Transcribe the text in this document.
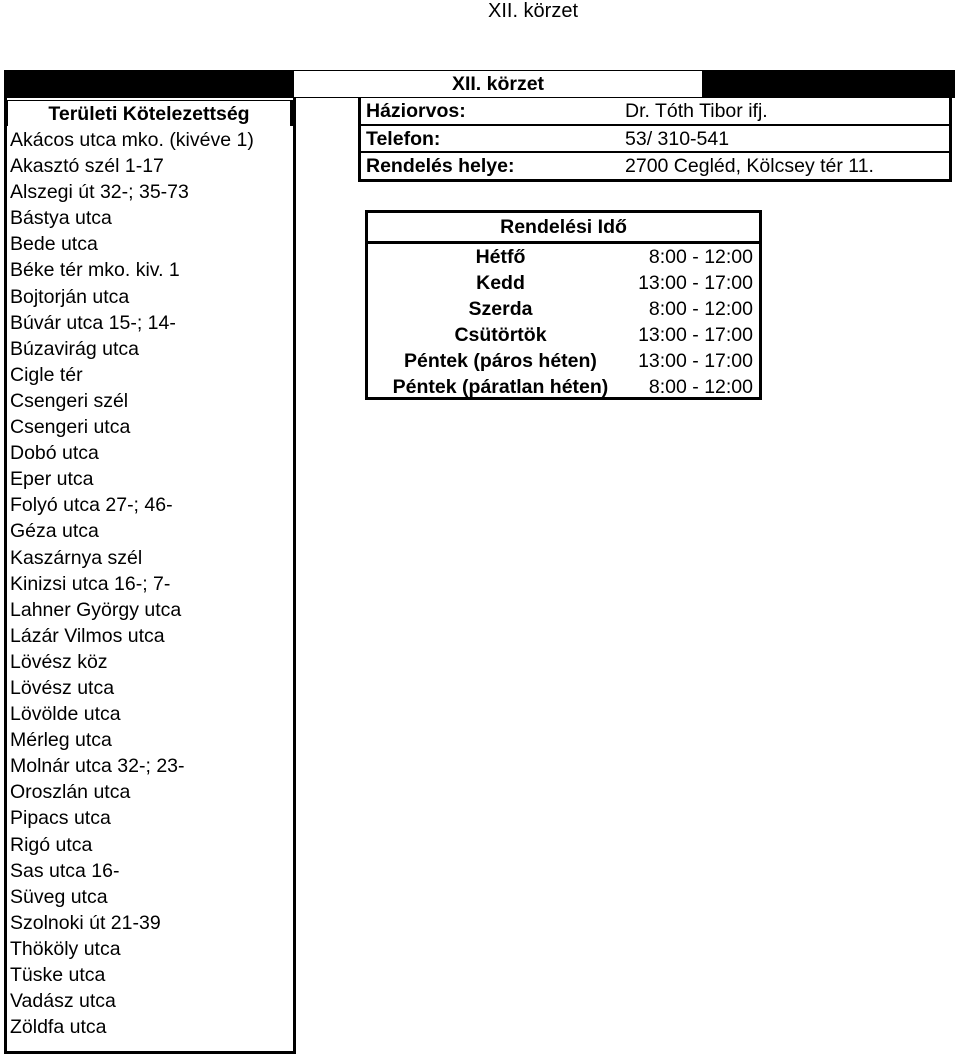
XII. körzet
XII. körzet
Területi Kötelezettség
Akácos utca mko. (kivéve 1)
Akasztó szél 1-17
Alszegi út 32-; 35-73
Bástya utca
Bede utca
Béke tér mko. kiv. 1
Bojtorján utca
Búvár utca 15-; 14-
Búzavirág utca
Cigle tér
Csengeri szél
Csengeri utca
Dobó utca
Eper utca
Folyó utca 27-; 46-
Géza utca
Kaszárnya szél
Kinizsi utca 16-; 7-
Lahner György utca
Lázár Vilmos utca
Lövész köz
Lövész utca
Lövölde utca
Mérleg utca
Molnár utca 32-; 23-
Oroszlán utca
Pipacs utca
Rigó utca
Sas utca 16-
Süveg utca
Szolnoki út 21-39
Thököly utca
Tüske utca
Vadász utca
Zöldfa utca
Háziorvos:	Dr. Tóth Tibor ifj.
Telefon:	53/ 310-541
Rendelés helye:	2700 Cegléd, Kölcsey tér 11.
Rendelési Idő
Hétfő	8:00 - 12:00
Kedd	13:00 - 17:00
Szerda	8:00 - 12:00
Csütörtök	13:00 - 17:00
Péntek (páros héten)	13:00 - 17:00
Péntek (páratlan héten)	8:00 - 12:00
